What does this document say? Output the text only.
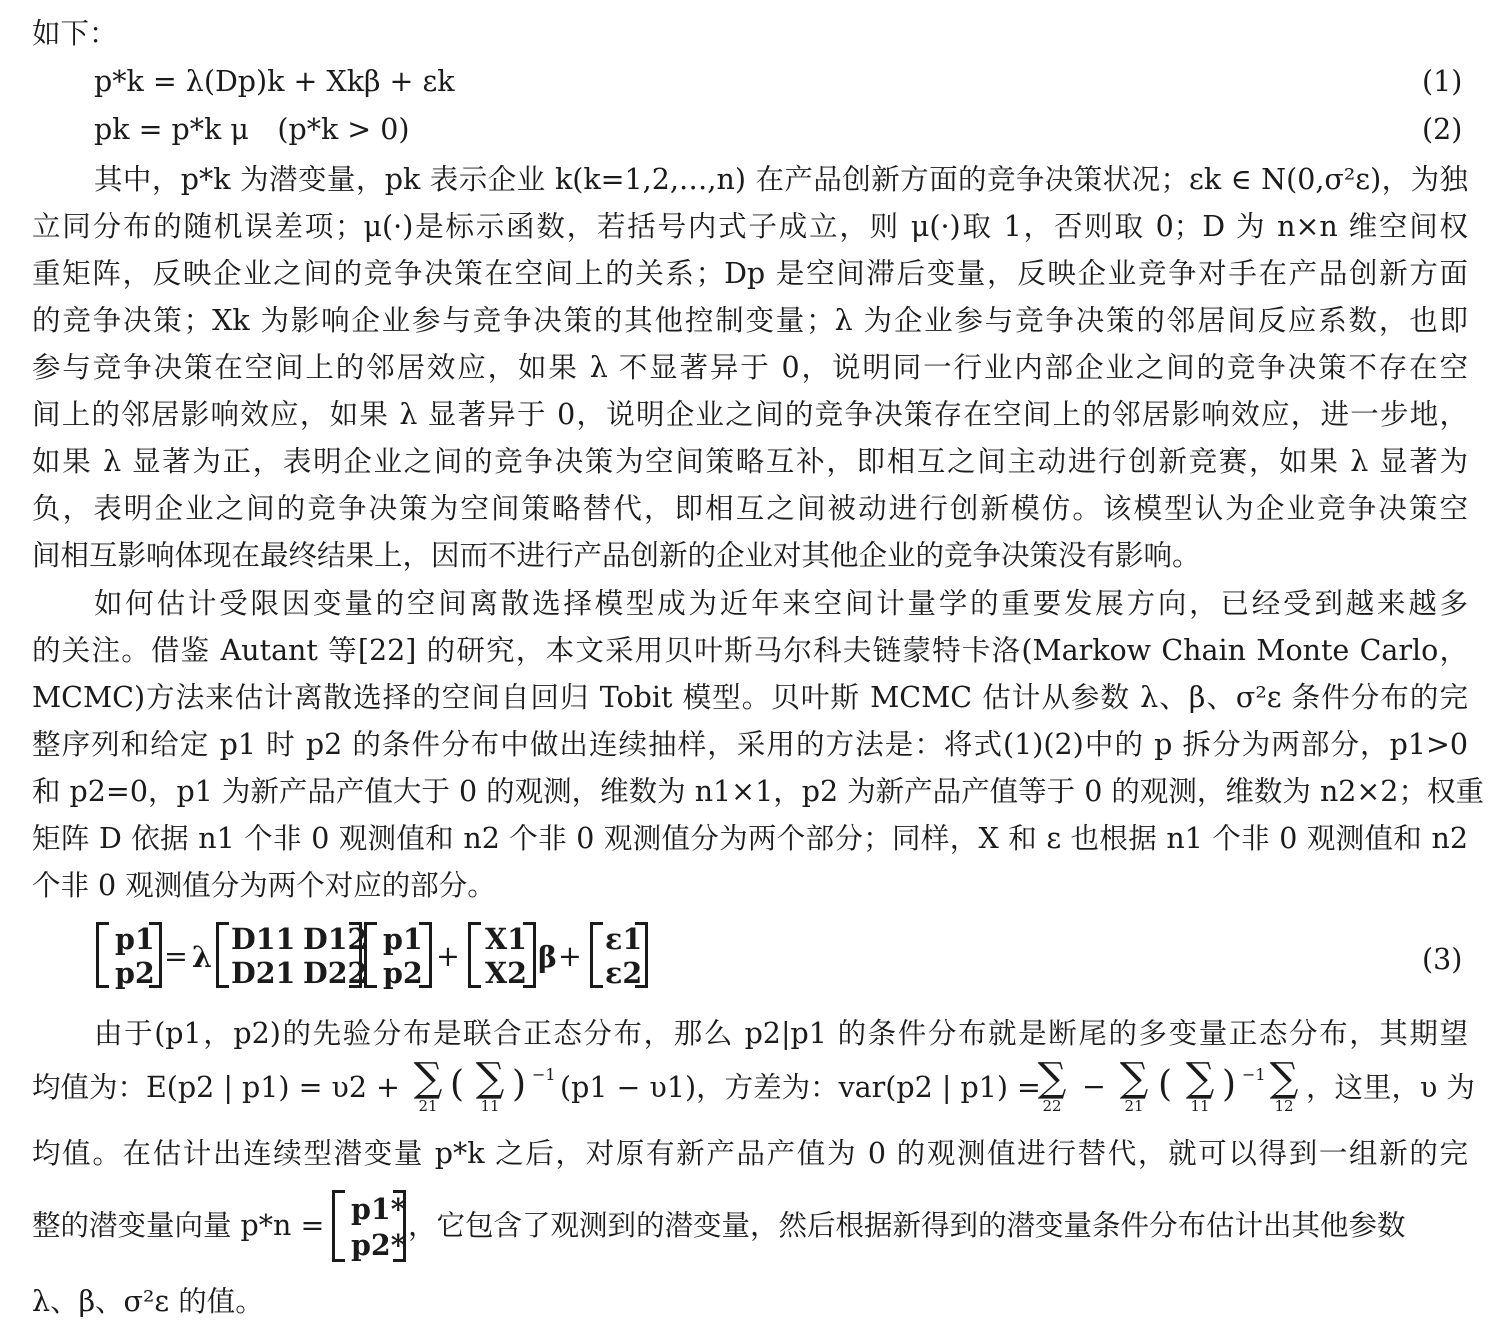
如下：
p*k = λ(Dp)k + Xkβ + εk	(1)
pk = p*k μ　(p*k > 0)	(2)
其中，p*k 为潜变量，pk 表示企业 k(k=1,2,…,n) 在产品创新方面的竞争决策状况；εk ∈ N(0,σ²ε)，为独
立同分布的随机误差项；μ(·)是标示函数，若括号内式子成立，则 μ(·)取 1，否则取 0；D 为 n×n 维空间权
重矩阵，反映企业之间的竞争决策在空间上的关系；Dp 是空间滞后变量，反映企业竞争对手在产品创新方面
的竞争决策；Xk 为影响企业参与竞争决策的其他控制变量；λ 为企业参与竞争决策的邻居间反应系数，也即
参与竞争决策在空间上的邻居效应，如果 λ 不显著异于 0，说明同一行业内部企业之间的竞争决策不存在空
间上的邻居影响效应，如果 λ 显著异于 0，说明企业之间的竞争决策存在空间上的邻居影响效应，进一步地，
如果 λ 显著为正，表明企业之间的竞争决策为空间策略互补，即相互之间主动进行创新竞赛，如果 λ 显著为
负，表明企业之间的竞争决策为空间策略替代，即相互之间被动进行创新模仿。该模型认为企业竞争决策空
间相互影响体现在最终结果上，因而不进行产品创新的企业对其他企业的竞争决策没有影响。
如何估计受限因变量的空间离散选择模型成为近年来空间计量学的重要发展方向，已经受到越来越多
的关注。借鉴 Autant 等[22] 的研究，本文采用贝叶斯马尔科夫链蒙特卡洛(Markow Chain Monte Carlo，
MCMC)方法来估计离散选择的空间自回归 Tobit 模型。贝叶斯 MCMC 估计从参数 λ、β、σ²ε 条件分布的完
整序列和给定 p1 时 p2 的条件分布中做出连续抽样，采用的方法是：将式(1)(2)中的 p 拆分为两部分，p1>0
和 p2=0，p1 为新产品产值大于 0 的观测，维数为 n1×1，p2 为新产品产值等于 0 的观测，维数为 n2×2；权重
矩阵 D 依据 n1 个非 0 观测值和 n2 个非 0 观测值分为两个部分；同样，X 和 ε 也根据 n1 个非 0 观测值和 n2
个非 0 观测值分为两个对应的部分。
p1
p2 = λ
D11 D12
D21 D22
p1
p2 +
X1
X2 β +
ε1
ε2	(3)
由于(p1，p2)的先验分布是联合正态分布，那么 p2|p1 的条件分布就是断尾的多变量正态分布，其期望
均值为：E(p2 | p1) = υ2 + ∑
21
( ∑
11
) −1 (p1 − υ1)，方差为：var(p2 | p1) =
∑
22
− ∑
21
( ∑
11
) −1 ∑
12
，这里，υ 为
均值。在估计出连续型潜变量 p*k 之后，对原有新产品产值为 0 的观测值进行替代，就可以得到一组新的完
整的潜变量向量 p*n = p1*
p2*
，它包含了观测到的潜变量，然后根据新得到的潜变量条件分布估计出其他参数
λ、β、σ²ε 的值。
